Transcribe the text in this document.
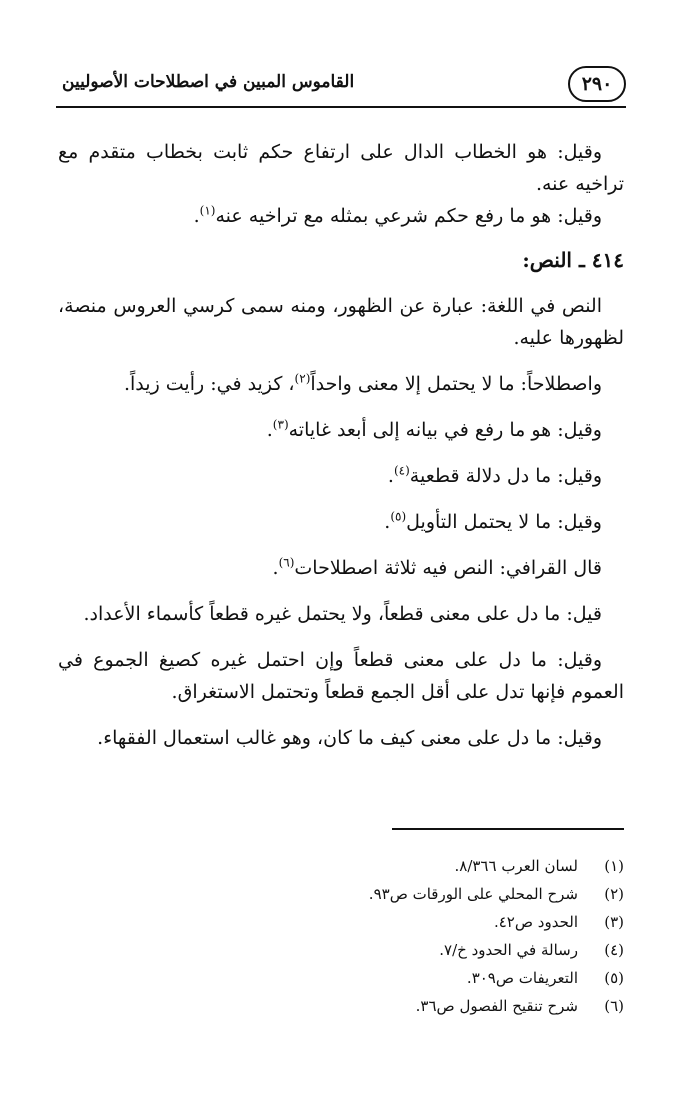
٢٩٠
القاموس المبين في اصطلاحات الأصوليين

وقيل: هو الخطاب الدال على ارتفاع حكم ثابت بخطاب متقدم مع تراخيه عنه.

وقيل: هو ما رفع حكم شرعي بمثله مع تراخيه عنه$^{(١)}$.

٤١٤ ـ النص:

النص في اللغة: عبارة عن الظهور، ومنه سمى كرسي العروس منصة، لظهورها عليه.

واصطلاحاً: ما لا يحتمل إلا معنى واحداً$^{(٢)}$، كزيد في: رأيت زيداً.

وقيل: هو ما رفع في بيانه إلى أبعد غاياته$^{(٣)}$.

وقيل: ما دل دلالة قطعية$^{(٤)}$.

وقيل: ما لا يحتمل التأويل$^{(٥)}$.

قال القرافي: النص فيه ثلاثة اصطلاحات$^{(٦)}$.

قيل: ما دل على معنى قطعاً، ولا يحتمل غيره قطعاً كأسماء الأعداد.

وقيل: ما دل على معنى قطعاً وإن احتمل غيره كصيغ الجموع في العموم فإنها تدل على أقل الجمع قطعاً وتحتمل الاستغراق.

وقيل: ما دل على معنى كيف ما كان، وهو غالب استعمال الفقهاء.

(١)
لسان العرب ٨/٣٦٦.
(٢)
شرح المحلي على الورقات ص٩٣.
(٣)
الحدود ص٤٢.
(٤)
رسالة في الحدود خ/٧.
(٥)
التعريفات ص٣٠٩.
(٦)
شرح تنقيح الفصول ص٣٦.
